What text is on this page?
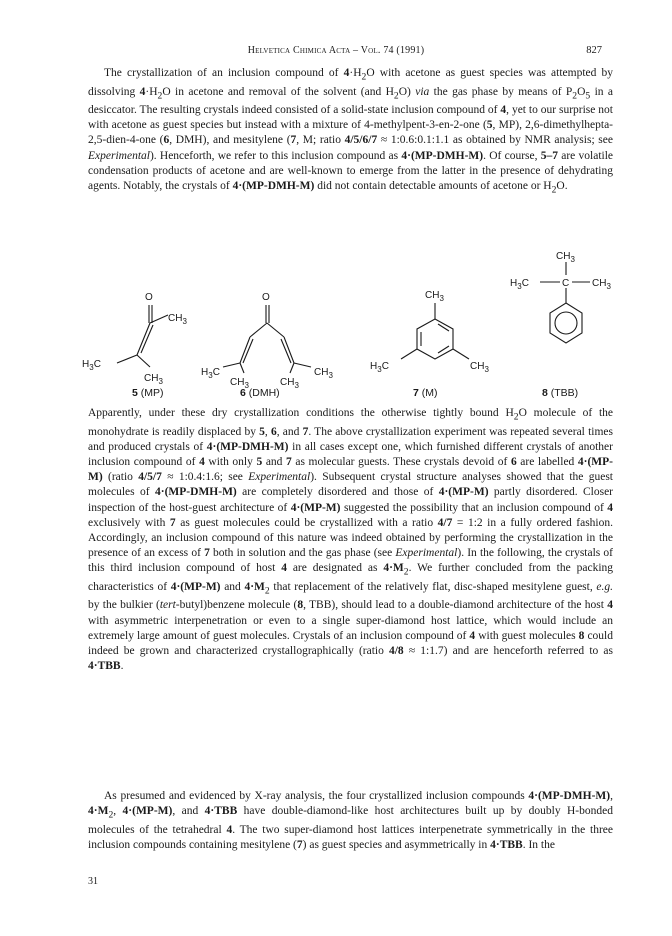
Helvetica Chimica Acta – Vol. 74 (1991)	827

The crystallization of an inclusion compound of $4\cdot H_2O$ with acetone as guest species was attempted by dissolving $4\cdot H_2O$ in acetone and removal of the solvent (and $H_2O$) via the gas phase by means of $P_2O_5$ in a desiccator. The resulting crystals indeed consisted of a solid-state inclusion compound of 4, yet to our surprise not with acetone as guest species but instead with a mixture of 4-methylpent-3-en-2-one (5, MP), 2,6-dimethylhepta-2,5-dien-4-one (6, DMH), and mesitylene (7, M; ratio 4/5/6/7 ≈ 1:0.6:0.1:1.1 as obtained by NMR analysis; see Experimental). Henceforth, we refer to this inclusion compound as 4·(MP-DMH-M). Of course, 5–7 are volatile condensation products of acetone and are well-known to emerge from the latter in the presence of dehydrating agents. Notably, the crystals of 4·(MP-DMH-M) did not contain detectable amounts of acetone or $H_2O$.

O
$CH_3$
$H_3C$
$CH_3$
O
$H_3C$
$CH_3$	$CH_3$
$CH_3$
$CH_3$
$CH_3$
$H_3C$
$CH_3$
$H_3C$	C $CH_3$
5 (MP)	6 (DMH)	7 (M)	8 (TBB)

Apparently, under these dry crystallization conditions the otherwise tightly bound $H_2O$ molecule of the monohydrate is readily displaced by 5, 6, and 7. The above crystallization experiment was repeated several times and produced crystals of 4·(MP-DMH-M) in all cases except one, which furnished different crystals of another inclusion compound of 4 with only 5 and 7 as molecular guests. These crystals devoid of 6 are labelled 4·(MP-M) (ratio 4/5/7 ≈ 1:0.4:1.6; see Experimental). Subsequent crystal structure analyses showed that the guest molecules of 4·(MP-DMH-M) are completely disordered and those of 4·(MP-M) partly disordered. Closer inspection of the host-guest architecture of 4·(MP-M) suggested the possibility that an inclusion compound of 4 exclusively with 7 as guest molecules could be crystallized with a ratio 4/7 = 1:2 in a fully ordered fashion. Accordingly, an inclusion compound of this nature was indeed obtained by performing the crystallization in the presence of an excess of 7 both in solution and the gas phase (see Experimental). In the following, the crystals of this third inclusion compound of host 4 are designated as $4\cdot M_2$. We further concluded from the packing characteristics of 4·(MP-M) and $4\cdot M_2$ that replacement of the relatively flat, disc-shaped mesitylene guest, e.g. by the bulkier (tert-butyl)benzene molecule (8, TBB), should lead to a double-diamond architecture of the host 4 with asymmetric interpenetration or even to a single super-diamond host lattice, which would include an extremely large amount of guest molecules. Crystals of an inclusion compound of 4 with guest molecules 8 could indeed be grown and characterized crystallographically (ratio 4/8 ≈ 1:1.7) and are henceforth referred to as 4·TBB.

As presumed and evidenced by X-ray analysis, the four crystallized inclusion compounds 4·(MP-DMH-M), $4\cdot M_2$, 4·(MP-M), and 4·TBB have double-diamond-like host architectures built up by doubly H-bonded molecules of the tetrahedral 4. The two super-diamond host lattices interpenetrate symmetrically in the three inclusion compounds containing mesitylene (7) as guest species and asymmetrically in 4·TBB. In the

31
